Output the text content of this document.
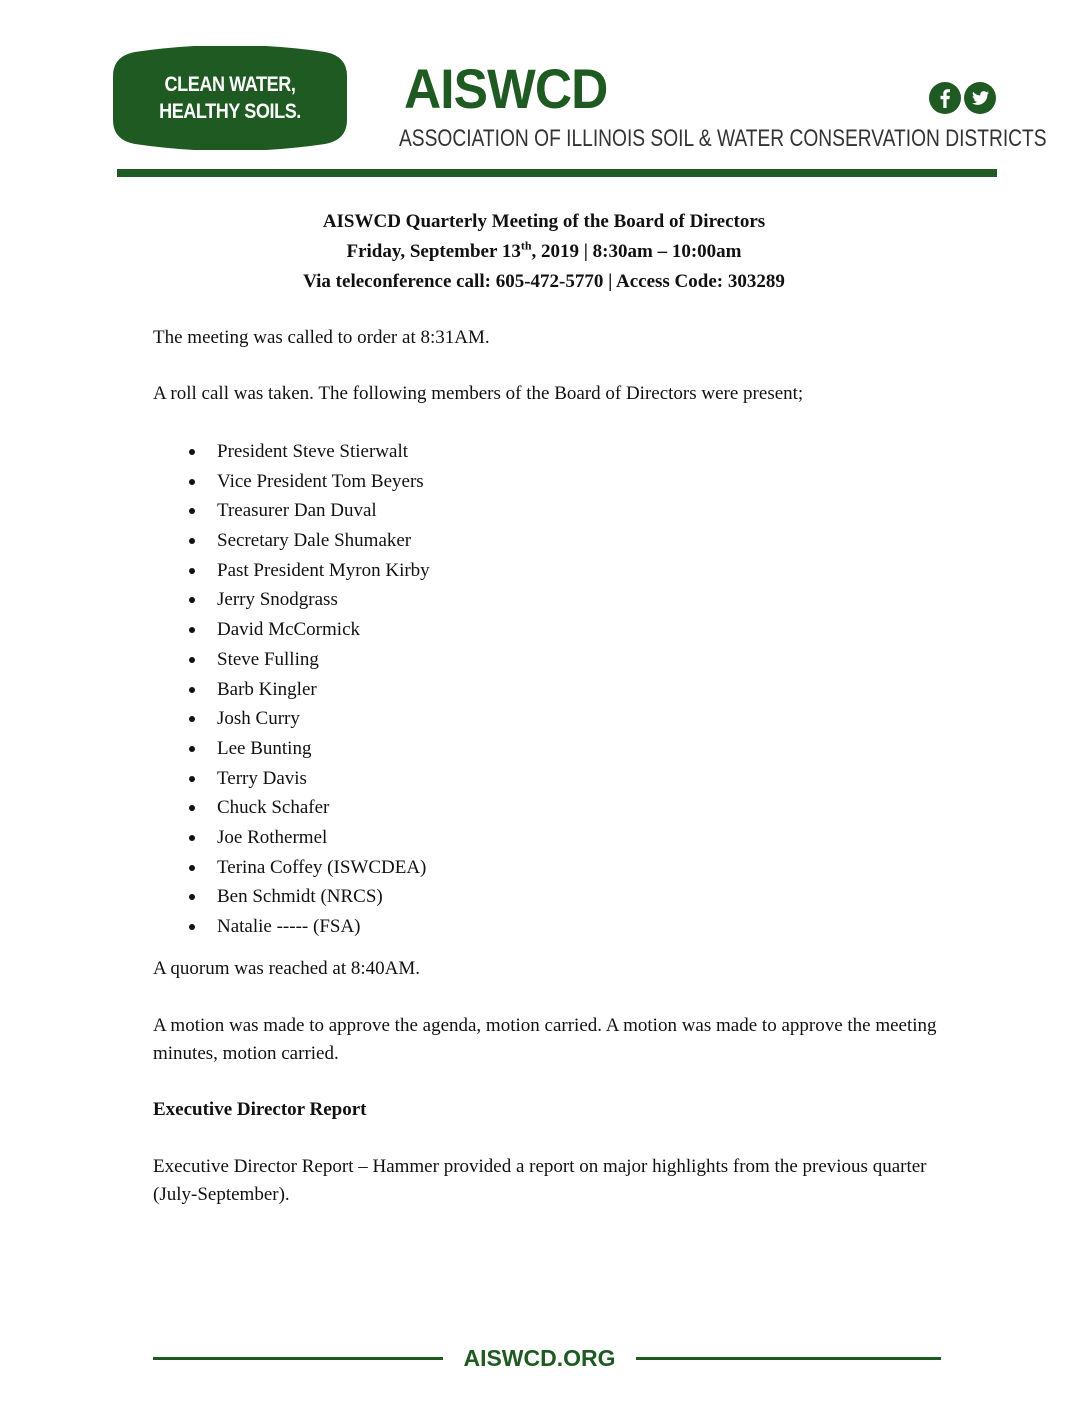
CLEAN WATER,
HEALTHY SOILS. AISWCD
ASSOCIATION OF ILLINOIS SOIL & WATER CONSERVATION DISTRICTS
AISWCD Quarterly Meeting of the Board of Directors
Friday, September 13th, 2019 | 8:30am – 10:00am
Via teleconference call: 605-472-5770 | Access Code: 303289
The meeting was called to order at 8:31AM.
A roll call was taken. The following members of the Board of Directors were present;
President Steve Stierwalt
Vice President Tom Beyers
Treasurer Dan Duval
Secretary Dale Shumaker
Past President Myron Kirby
Jerry Snodgrass
David McCormick
Steve Fulling
Barb Kingler
Josh Curry
Lee Bunting
Terry Davis
Chuck Schafer
Joe Rothermel
Terina Coffey (ISWCDEA)
Ben Schmidt (NRCS)
Natalie ----- (FSA)
A quorum was reached at 8:40AM.
A motion was made to approve the agenda, motion carried. A motion was made to approve the meeting minutes, motion carried.
Executive Director Report
Executive Director Report – Hammer provided a report on major highlights from the previous quarter (July-September).
AISWCD.ORG
